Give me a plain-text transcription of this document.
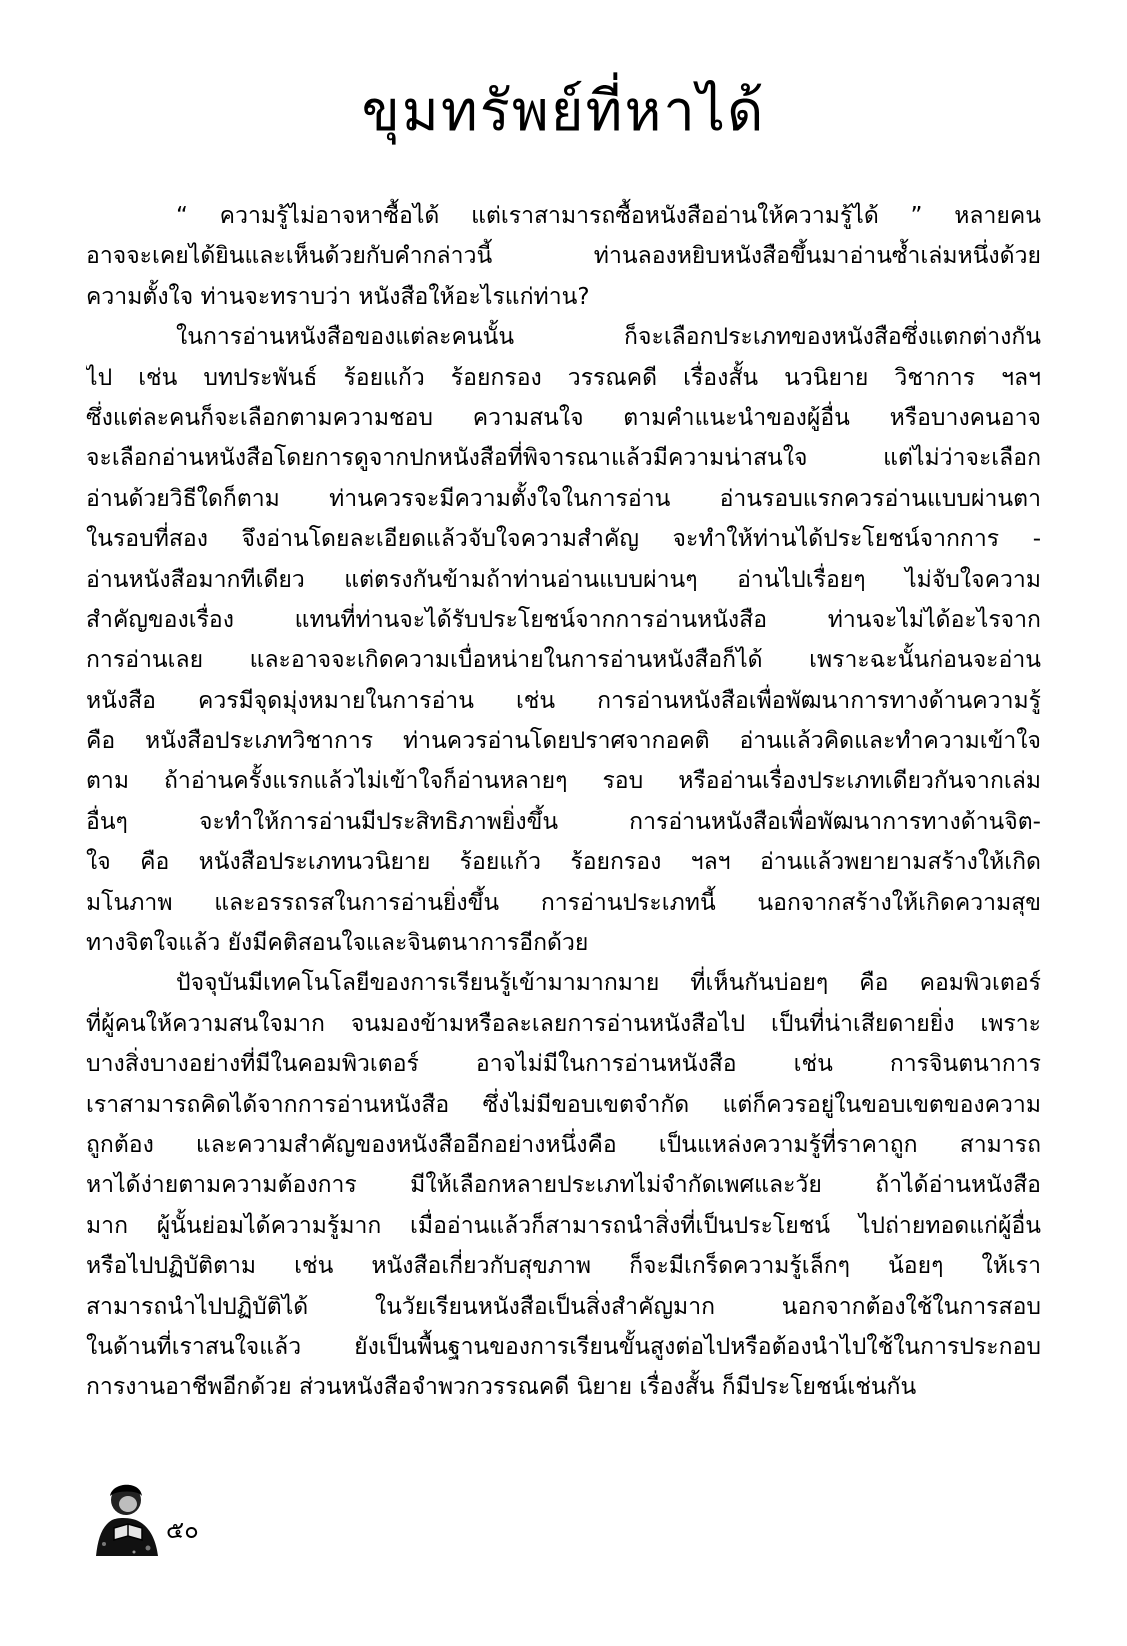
ขุมทรัพย์ที่หาได้
“ ความรู้ไม่อาจหาซื้อได้ แต่เราสามารถซื้อหนังสืออ่านให้ความรู้ได้ ” หลายคน
อาจจะเคยได้ยินและเห็นด้วยกับคำกล่าวนี้ ท่านลองหยิบหนังสือขึ้นมาอ่านซ้ำเล่มหนึ่งด้วย
ความตั้งใจ ท่านจะทราบว่า หนังสือให้อะไรแก่ท่าน?
ในการอ่านหนังสือของแต่ละคนนั้น ก็จะเลือกประเภทของหนังสือซึ่งแตกต่างกัน
ไป เช่น บทประพันธ์ ร้อยแก้ว ร้อยกรอง วรรณคดี เรื่องสั้น นวนิยาย วิชาการ ฯลฯ
ซึ่งแต่ละคนก็จะเลือกตามความชอบ ความสนใจ ตามคำแนะนำของผู้อื่น หรือบางคนอาจ
จะเลือกอ่านหนังสือโดยการดูจากปกหนังสือที่พิจารณาแล้วมีความน่าสนใจ แต่ไม่ว่าจะเลือก
อ่านด้วยวิธีใดก็ตาม ท่านควรจะมีความตั้งใจในการอ่าน อ่านรอบแรกควรอ่านแบบผ่านตา
ในรอบที่สอง จึงอ่านโดยละเอียดแล้วจับใจความสำคัญ จะทำให้ท่านได้ประโยชน์จากการ -
อ่านหนังสือมากทีเดียว แต่ตรงกันข้ามถ้าท่านอ่านแบบผ่านๆ อ่านไปเรื่อยๆ ไม่จับใจความ
สำคัญของเรื่อง แทนที่ท่านจะได้รับประโยชน์จากการอ่านหนังสือ ท่านจะไม่ได้อะไรจาก
การอ่านเลย และอาจจะเกิดความเบื่อหน่ายในการอ่านหนังสือก็ได้ เพราะฉะนั้นก่อนจะอ่าน
หนังสือ ควรมีจุดมุ่งหมายในการอ่าน เช่น การอ่านหนังสือเพื่อพัฒนาการทางด้านความรู้
คือ หนังสือประเภทวิชาการ ท่านควรอ่านโดยปราศจากอคติ อ่านแล้วคิดและทำความเข้าใจ
ตาม ถ้าอ่านครั้งแรกแล้วไม่เข้าใจก็อ่านหลายๆ รอบ หรืออ่านเรื่องประเภทเดียวกันจากเล่ม
อื่นๆ จะทำให้การอ่านมีประสิทธิภาพยิ่งขึ้น การอ่านหนังสือเพื่อพัฒนาการทางด้านจิต-
ใจ คือ หนังสือประเภทนวนิยาย ร้อยแก้ว ร้อยกรอง ฯลฯ อ่านแล้วพยายามสร้างให้เกิด
มโนภาพ และอรรถรสในการอ่านยิ่งขึ้น การอ่านประเภทนี้ นอกจากสร้างให้เกิดความสุข
ทางจิตใจแล้ว ยังมีคติสอนใจและจินตนาการอีกด้วย
ปัจจุบันมีเทคโนโลยีของการเรียนรู้เข้ามามากมาย ที่เห็นกันบ่อยๆ คือ คอมพิวเตอร์
ที่ผู้คนให้ความสนใจมาก จนมองข้ามหรือละเลยการอ่านหนังสือไป เป็นที่น่าเสียดายยิ่ง เพราะ
บางสิ่งบางอย่างที่มีในคอมพิวเตอร์ อาจไม่มีในการอ่านหนังสือ เช่น การจินตนาการ
เราสามารถคิดได้จากการอ่านหนังสือ ซึ่งไม่มีขอบเขตจำกัด แต่ก็ควรอยู่ในขอบเขตของความ
ถูกต้อง และความสำคัญของหนังสืออีกอย่างหนึ่งคือ เป็นแหล่งความรู้ที่ราคาถูก สามารถ
หาได้ง่ายตามความต้องการ มีให้เลือกหลายประเภทไม่จำกัดเพศและวัย ถ้าได้อ่านหนังสือ
มาก ผู้นั้นย่อมได้ความรู้มาก เมื่ออ่านแล้วก็สามารถนำสิ่งที่เป็นประโยชน์ ไปถ่ายทอดแก่ผู้อื่น
หรือไปปฏิบัติตาม เช่น หนังสือเกี่ยวกับสุขภาพ ก็จะมีเกร็ดความรู้เล็กๆ น้อยๆ ให้เรา
สามารถนำไปปฏิบัติได้ ในวัยเรียนหนังสือเป็นสิ่งสำคัญมาก นอกจากต้องใช้ในการสอบ
ในด้านที่เราสนใจแล้ว ยังเป็นพื้นฐานของการเรียนขั้นสูงต่อไปหรือต้องนำไปใช้ในการประกอบ
การงานอาชีพอีกด้วย ส่วนหนังสือจำพวกวรรณคดี นิยาย เรื่องสั้น ก็มีประโยชน์เช่นกัน
๕๐
